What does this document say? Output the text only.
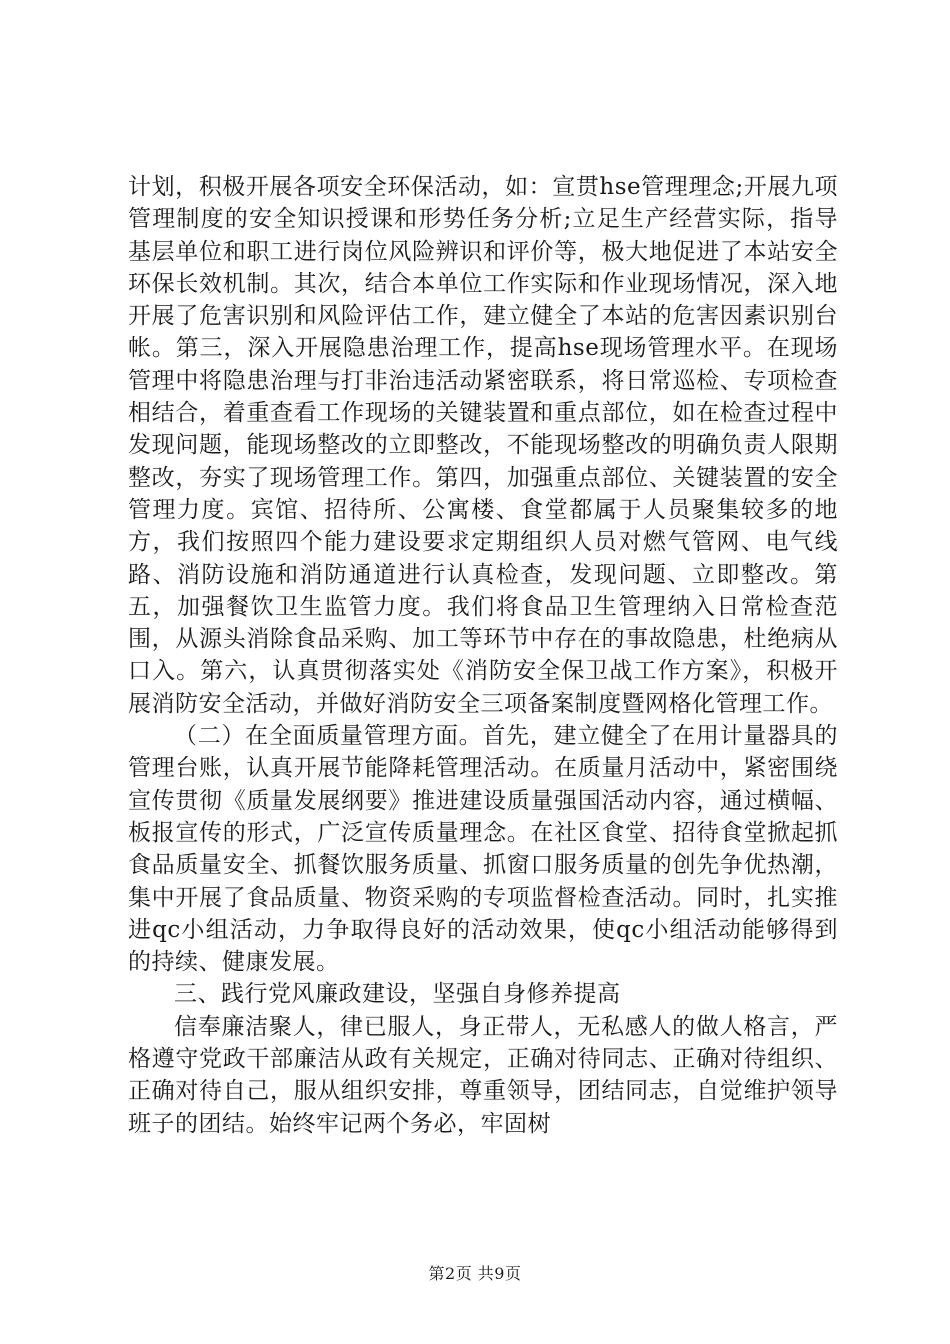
计划，积极开展各项安全环保活动，如：宣贯hse管理理念;开展九项管理制度的安全知识授课和形势任务分析;立足生产经营实际，指导基层单位和职工进行岗位风险辨识和评价等，极大地促进了本站安全环保长效机制。其次，结合本单位工作实际和作业现场情况，深入地开展了危害识别和风险评估工作，建立健全了本站的危害因素识别台帐。第三，深入开展隐患治理工作，提高hse现场管理水平。在现场管理中将隐患治理与打非治违活动紧密联系，将日常巡检、专项检查相结合，着重查看工作现场的关键装置和重点部位，如在检查过程中发现问题，能现场整改的立即整改，不能现场整改的明确负责人限期整改，夯实了现场管理工作。第四，加强重点部位、关键装置的安全管理力度。宾馆、招待所、公寓楼、食堂都属于人员聚集较多的地方，我们按照四个能力建设要求定期组织人员对燃气管网、电气线路、消防设施和消防通道进行认真检查，发现问题、立即整改。第五，加强餐饮卫生监管力度。我们将食品卫生管理纳入日常检查范围，从源头消除食品采购、加工等环节中存在的事故隐患，杜绝病从口入。第六，认真贯彻落实处《消防安全保卫战工作方案》，积极开展消防安全活动，并做好消防安全三项备案制度暨网格化管理工作。

（二）在全面质量管理方面。首先，建立健全了在用计量器具的管理台账，认真开展节能降耗管理活动。在质量月活动中，紧密围绕宣传贯彻《质量发展纲要》推进建设质量强国活动内容，通过横幅、板报宣传的形式，广泛宣传质量理念。在社区食堂、招待食堂掀起抓食品质量安全、抓餐饮服务质量、抓窗口服务质量的创先争优热潮，集中开展了食品质量、物资采购的专项监督检查活动。同时，扎实推进qc小组活动，力争取得良好的活动效果，使qc小组活动能够得到的持续、健康发展。

三、践行党风廉政建设，坚强自身修养提高

信奉廉洁聚人，律已服人，身正带人，无私感人的做人格言，严格遵守党政干部廉洁从政有关规定，正确对待同志、正确对待组织、正确对待自己，服从组织安排，尊重领导，团结同志，自觉维护领导班子的团结。始终牢记两个务必，牢固树

第2页 共9页
